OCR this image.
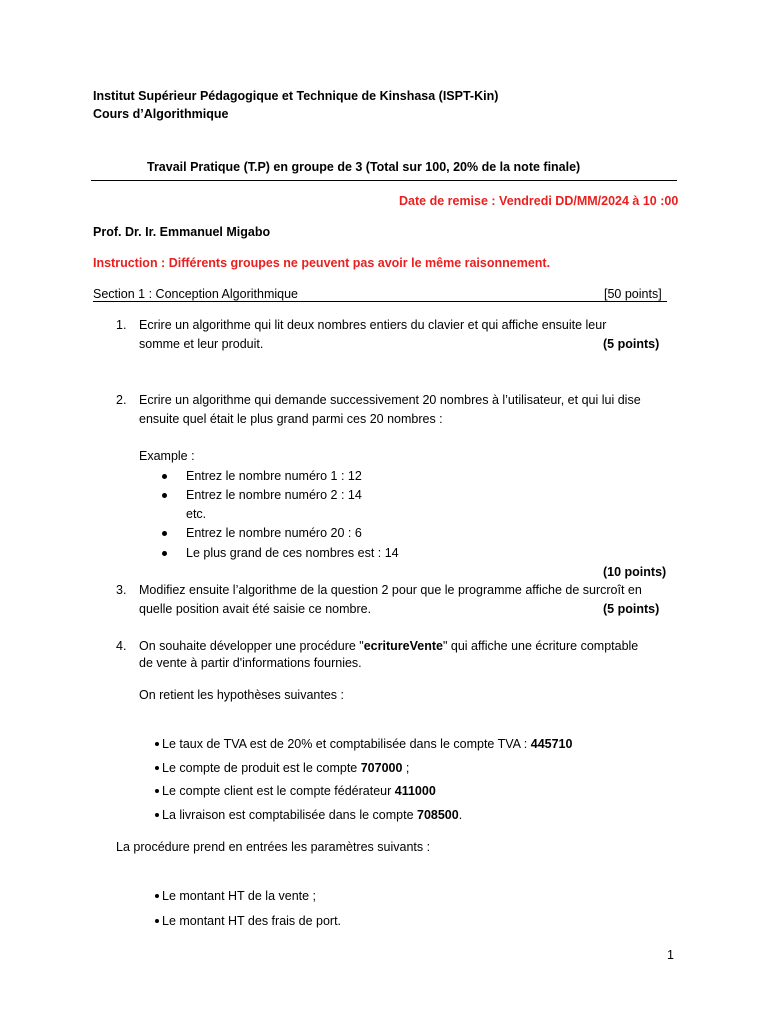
Institut Supérieur Pédagogique et Technique de Kinshasa (ISPT-Kin)
Cours d’Algorithmique
Travail Pratique (T.P) en groupe de 3 (Total sur 100, 20% de la note finale)
Date de remise : Vendredi DD/MM/2024 à 10 :00
Prof. Dr. Ir. Emmanuel Migabo
Instruction : Différents groupes ne peuvent pas avoir le même raisonnement.
Section 1 : Conception Algorithmique	[50 points]
1. Ecrire un algorithme qui lit deux nombres entiers du clavier et qui affiche ensuite leur
somme et leur produit.	(5 points)
2. Ecrire un algorithme qui demande successivement 20 nombres à l’utilisateur, et qui lui dise
ensuite quel était le plus grand parmi ces 20 nombres :
Example :
Entrez le nombre numéro 1 : 12
Entrez le nombre numéro 2 : 14
etc.
Entrez le nombre numéro 20 : 6
Le plus grand de ces nombres est : 14
(10 points)
3. Modifiez ensuite l’algorithme de la question 2 pour que le programme affiche de surcroît en
quelle position avait été saisie ce nombre.	(5 points)
4. On souhaite développer une procédure "ecritureVente" qui affiche une écriture comptable
de vente à partir d'informations fournies.
On retient les hypothèses suivantes :
Le taux de TVA est de 20% et comptabilisée dans le compte TVA : 445710
Le compte de produit est le compte 707000 ;
Le compte client est le compte fédérateur 411000
La livraison est comptabilisée dans le compte 708500.
La procédure prend en entrées les paramètres suivants :
Le montant HT de la vente ;
Le montant HT des frais de port.
1
